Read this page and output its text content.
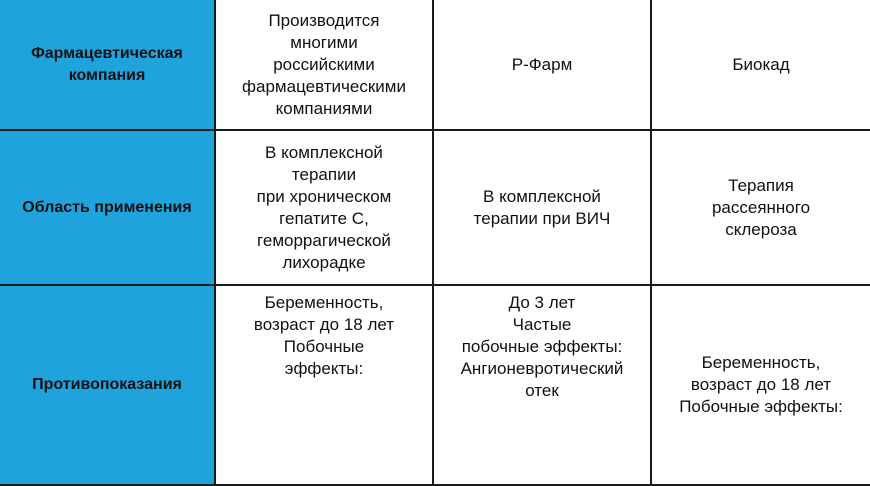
Фармацевтическая компания
Производится
многими
российскими
фармацевтическими
компаниями
Р-Фарм	Биокад
Область применения
В комплексной
терапии
при хроническом
гепатите С,
геморрагической
лихорадке
В комплексной
терапии при ВИЧ
Терапия
рассеянного
склероза
Противопоказания
Беременность,
возраст до 18 лет
Побочные
эффекты:
До 3 лет
Частые
побочные эффекты:
Ангионевротический
отек
Беременность,
возраст до 18 лет
Побочные эффекты:
